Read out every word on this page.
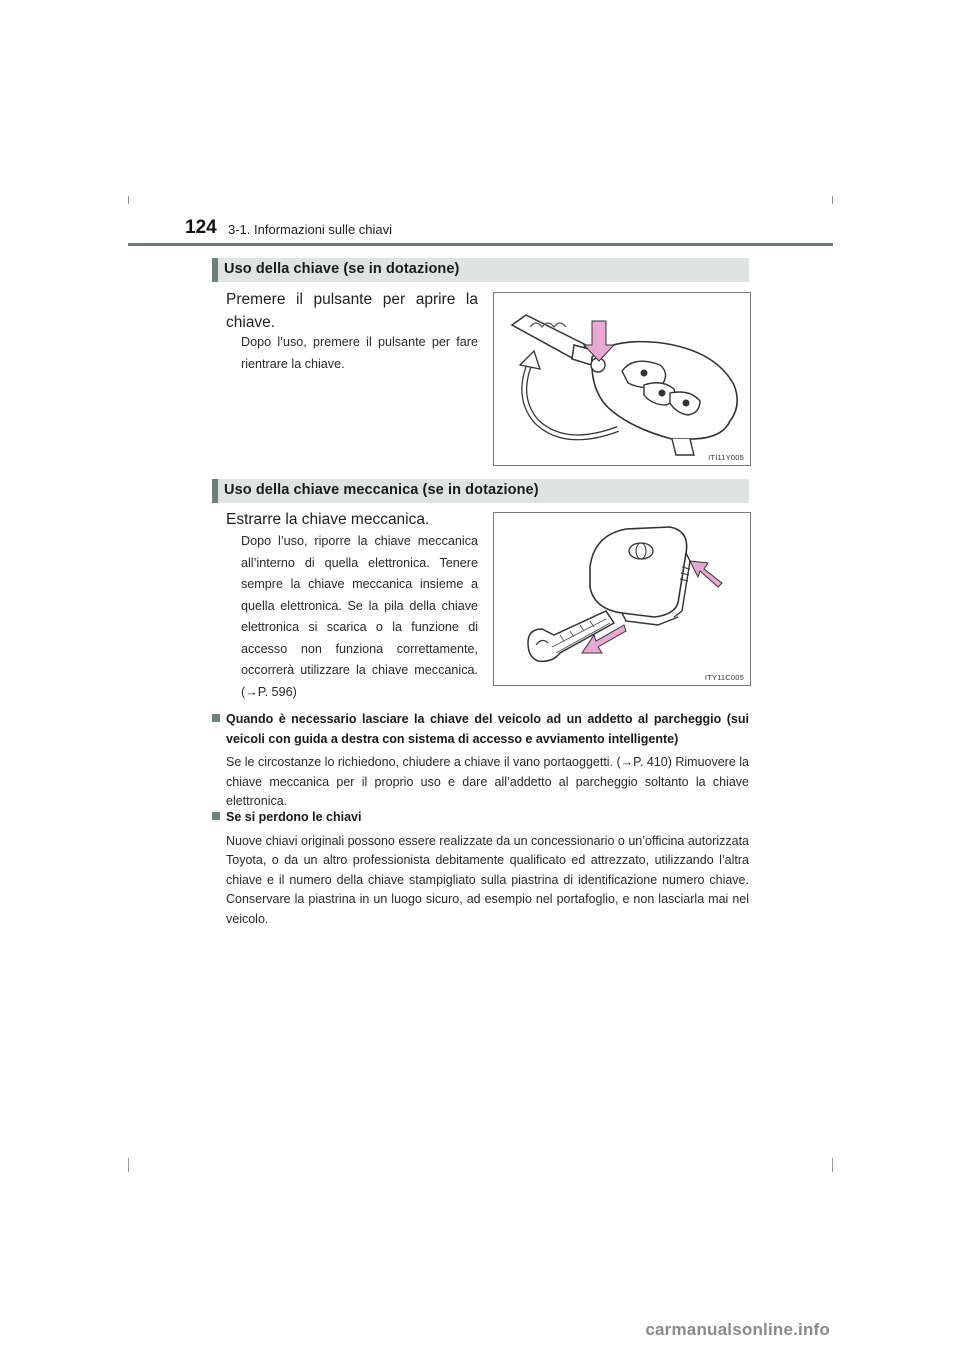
124 3-1. Informazioni sulle chiavi
Uso della chiave (se in dotazione)
Premere il pulsante per aprire la chiave.
Dopo l’uso, premere il pulsante per fare rientrare la chiave.
ITI11Y005
Uso della chiave meccanica (se in dotazione)
Estrarre la chiave meccanica.
Dopo l’uso, riporre la chiave meccanica all’interno di quella elettronica. Tenere sempre la chiave meccanica insieme a quella elettronica. Se la pila della chiave elettronica si scarica o la funzione di accesso non funziona correttamente, occorrerà utilizzare la chiave meccanica. (→P. 596)
ITY11C005
Quando è necessario lasciare la chiave del veicolo ad un addetto al parcheggio (sui veicoli con guida a destra con sistema di accesso e avviamento intelligente)
Se le circostanze lo richiedono, chiudere a chiave il vano portaoggetti. (→P. 410) Rimuovere la chiave meccanica per il proprio uso e dare all’addetto al parcheggio soltanto la chiave elettronica.
Se si perdono le chiavi
Nuove chiavi originali possono essere realizzate da un concessionario o un’officina autorizzata Toyota, o da un altro professionista debitamente qualificato ed attrezzato, utilizzando l’altra chiave e il numero della chiave stampigliato sulla piastrina di identificazione numero chiave. Conservare la piastrina in un luogo sicuro, ad esempio nel portafoglio, e non lasciarla mai nel veicolo.
carmanualsonline.info
